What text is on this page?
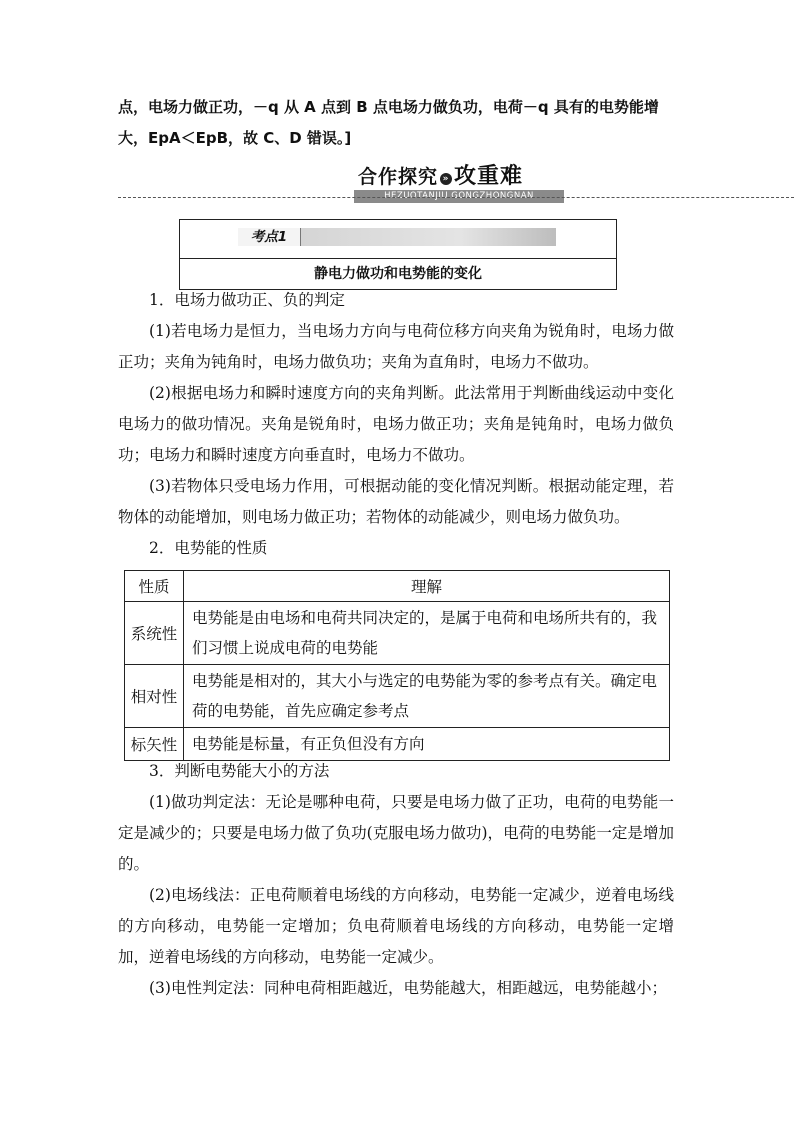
点，电场力做正功，－q 从 A 点到 B 点电场力做负功，电荷－q 具有的电势能增

大，EpA＜EpB，故 C、D 错误。]

合作探究 » 攻重难
HEZUOTANJIU GONGZHONGNAN
考点1
静电力做功和电势能的变化

1．电场力做功正、负的判定

(1)若电场力是恒力，当电场力方向与电荷位移方向夹角为锐角时，电场力做正功；夹角为钝角时，电场力做负功；夹角为直角时，电场力不做功。

(2)根据电场力和瞬时速度方向的夹角判断。此法常用于判断曲线运动中变化电场力的做功情况。夹角是锐角时，电场力做正功；夹角是钝角时，电场力做负功；电场力和瞬时速度方向垂直时，电场力不做功。

(3)若物体只受电场力作用，可根据动能的变化情况判断。根据动能定理，若物体的动能增加，则电场力做正功；若物体的动能减少，则电场力做负功。

2．电势能的性质

性质	理解
系统性	电势能是由电场和电荷共同决定的，是属于电荷和电场所共有的，我们习惯上说成电荷的电势能
相对性	电势能是相对的，其大小与选定的电势能为零的参考点有关。确定电荷的电势能，首先应确定参考点
标矢性	电势能是标量，有正负但没有方向

3．判断电势能大小的方法

(1)做功判定法：无论是哪种电荷，只要是电场力做了正功，电荷的电势能一定是减少的；只要是电场力做了负功(克服电场力做功)，电荷的电势能一定是增加的。

(2)电场线法：正电荷顺着电场线的方向移动，电势能一定减少，逆着电场线的方向移动，电势能一定增加；负电荷顺着电场线的方向移动，电势能一定增加，逆着电场线的方向移动，电势能一定减少。

(3)电性判定法：同种电荷相距越近，电势能越大，相距越远，电势能越小；
